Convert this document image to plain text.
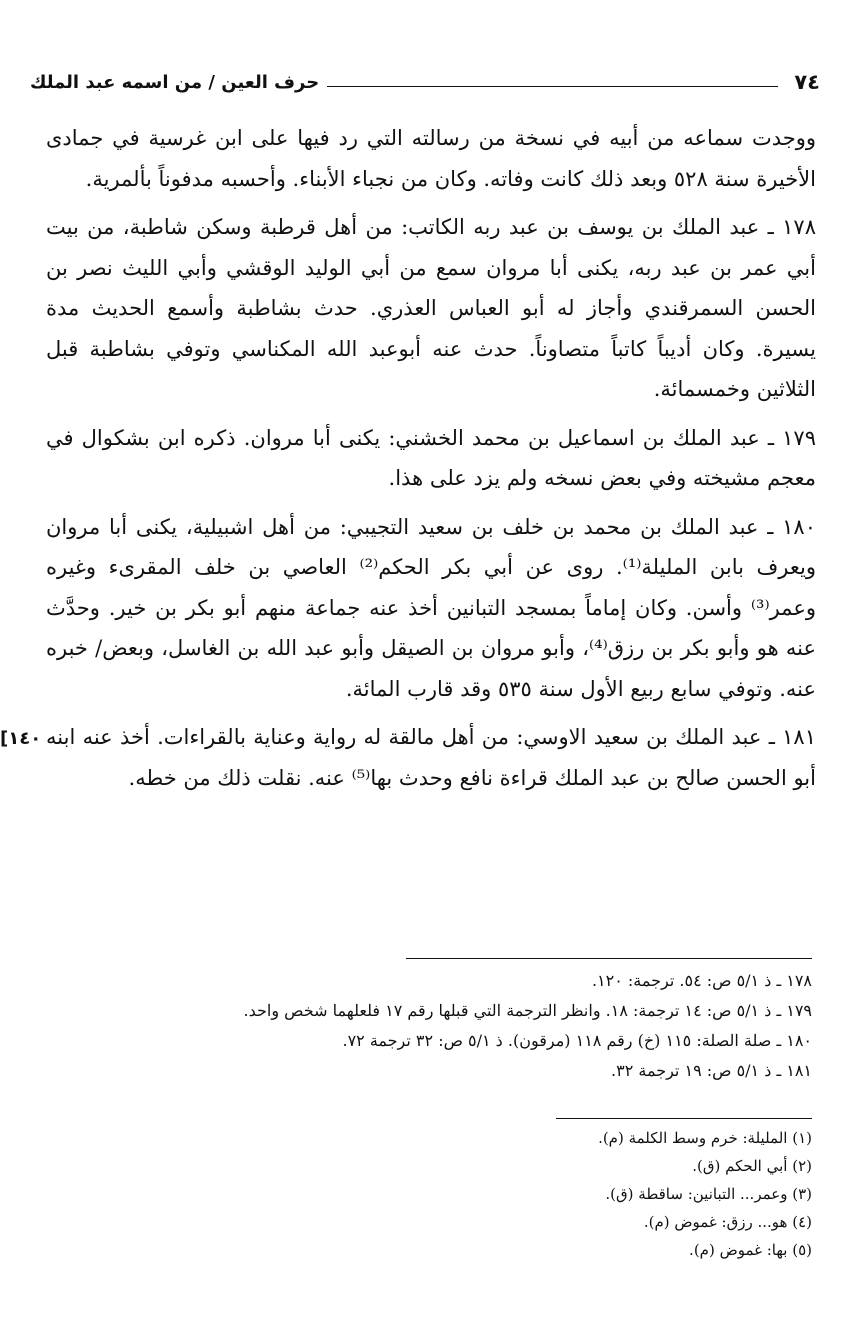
٧٤
حرف العين / من اسمه عبد الملك

ووجدت سماعه من أبيه في نسخة من رسالته التي رد فيها على ابن غرسية في جمادى الأخيرة سنة ٥٢٨ وبعد ذلك كانت وفاته. وكان من نجباء الأبناء. وأحسبه مدفوناً بألمرية.

١٧٨ ـ عبد الملك بن يوسف بن عبد ربه الكاتب: من أهل قرطبة وسكن شاطبة، من بيت أبي عمر بن عبد ربه، يكنى أبا مروان سمع من أبي الوليد الوقشي وأبي الليث نصر بن الحسن السمرقندي وأجاز له أبو العباس العذري. حدث بشاطبة وأسمع الحديث مدة يسيرة. وكان أديباً كاتباً متصاوناً. حدث عنه أبوعبد الله المكناسي وتوفي بشاطبة قبل الثلاثين وخمسمائة.

١٧٩ ـ عبد الملك بن اسماعيل بن محمد الخشني: يكنى أبا مروان. ذكره ابن بشكوال في معجم مشيخته وفي بعض نسخه ولم يزد على هذا.

١٨٠ ـ عبد الملك بن محمد بن خلف بن سعيد التجيبي: من أهل اشبيلية، يكنى أبا مروان ويعرف بابن المليلة⁽¹⁾. روى عن أبي بكر الحكم⁽²⁾ العاصي بن خلف المقرىء وغيره وعمر⁽³⁾ وأسن. وكان إماماً بمسجد التبانين أخذ عنه جماعة منهم أبو بكر بن خير. وحدَّث عنه هو وأبو بكر بن رزق⁽⁴⁾، وأبو مروان بن الصيقل وأبو عبد الله بن الغاسل، وبعض/ خبره عنه. وتوفي سابع ربيع الأول سنة ٥٣٥ وقد قارب المائة.

١٨١ ـ عبد الملك بن سعيد الاوسي: من أهل مالقة له رواية وعناية بالقراءات. أخذ عنه ابنه أبو الحسن صالح بن عبد الملك قراءة نافع وحدث بها⁽⁵⁾ عنه. نقلت ذلك من خطه.

[١٤٠
١٧٨ ـ ذ ٥/١ ص: ٥٤. ترجمة: ١٢٠.
١٧٩ ـ ذ ٥/١ ص: ١٤ ترجمة: ١٨. وانظر الترجمة التي قبلها رقم ١٧ فلعلهما شخص واحد.
١٨٠ ـ صلة الصلة: ١١٥ (خ) رقم ١١٨ (مرقون). ذ ٥/١ ص: ٣٢ ترجمة ٧٢.
١٨١ ـ ذ ٥/١ ص: ١٩ ترجمة ٣٢.
(١) المليلة: خرم وسط الكلمة (م).
(٢) أبي الحكم (ق).
(٣) وعمر... التبانين: ساقطة (ق).
(٤) هو... رزق: غموض (م).
(٥) بها: غموض (م).
